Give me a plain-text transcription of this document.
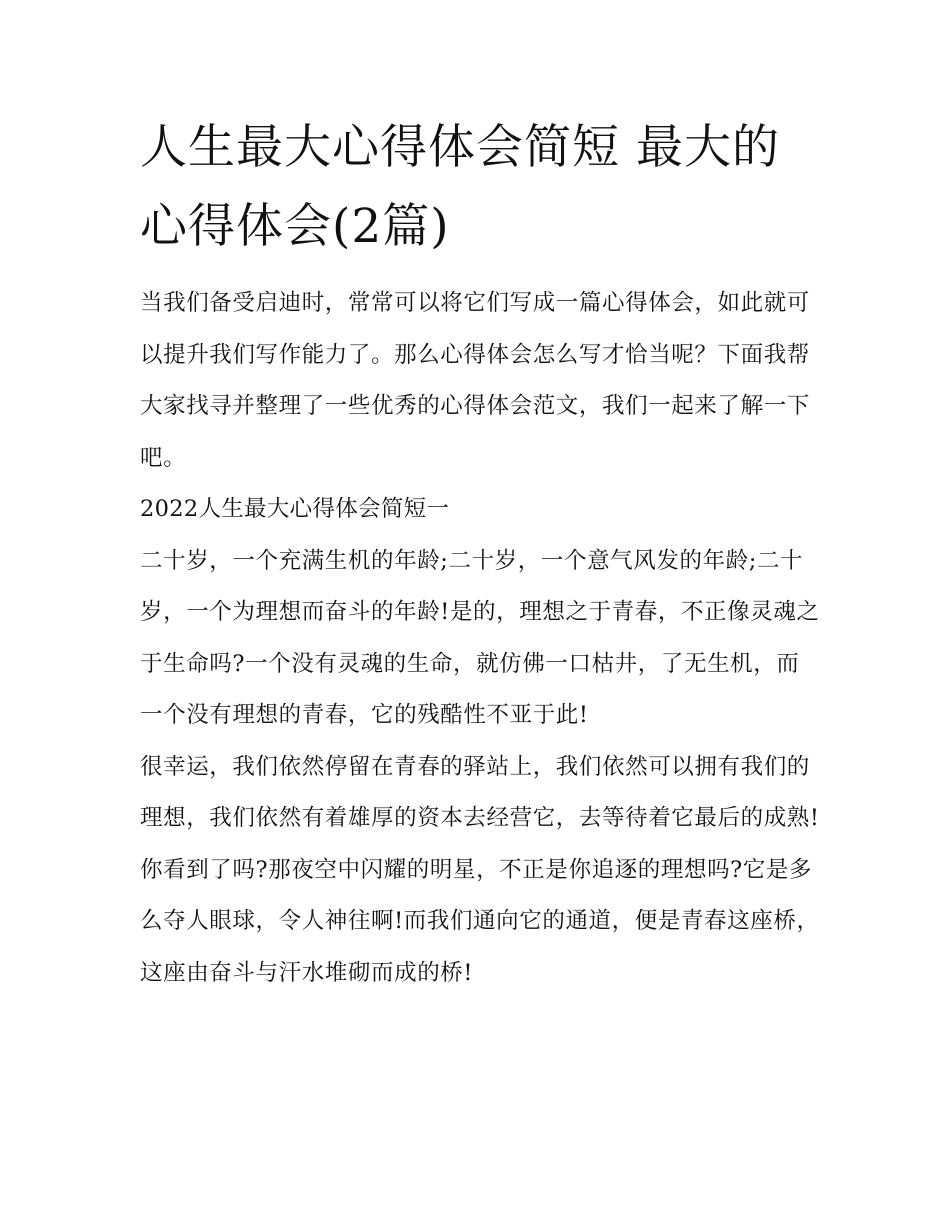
人生最大心得体会简短 最大的心得体会(2篇)

当我们备受启迪时，常常可以将它们写成一篇心得体会，如此就可以提升我们写作能力了。那么心得体会怎么写才恰当呢？下面我帮大家找寻并整理了一些优秀的心得体会范文，我们一起来了解一下吧。

2022人生最大心得体会简短一

二十岁，一个充满生机的年龄;二十岁，一个意气风发的年龄;二十岁，一个为理想而奋斗的年龄!是的，理想之于青春，不正像灵魂之于生命吗?一个没有灵魂的生命，就仿佛一口枯井，了无生机，而一个没有理想的青春，它的残酷性不亚于此!

很幸运，我们依然停留在青春的驿站上，我们依然可以拥有我们的理想，我们依然有着雄厚的资本去经营它，去等待着它最后的成熟!

你看到了吗?那夜空中闪耀的明星，不正是你追逐的理想吗?它是多么夺人眼球，令人神往啊!而我们通向它的通道，便是青春这座桥，这座由奋斗与汗水堆砌而成的桥!
